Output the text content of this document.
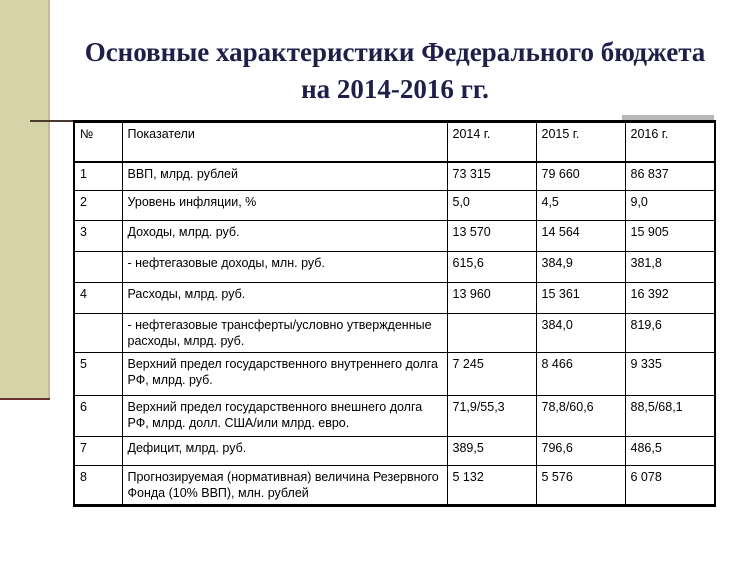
Основные характеристики Федерального бюджета на 2014-2016 гг.
№	Показатели	2014 г.	2015 г.	2016 г.
1	ВВП, млрд. рублей	73 315	79 660	86 837
2	Уровень инфляции, %	5,0	4,5	9,0
3	Доходы, млрд. руб.	13 570	14 564	15 905
	- нефтегазовые доходы, млн. руб.	615,6	384,9	381,8
4	Расходы, млрд. руб.	13 960	15 361	16 392
	- нефтегазовые трансферты/условно утвержденные расходы, млрд. руб.		384,0	819,6
5	Верхний предел государственного внутреннего долга РФ, млрд. руб.	7 245	8 466	9 335
6	Верхний предел государственного внешнего долга РФ, млрд. долл. США/или млрд. евро.	71,9/55,3	78,8/60,6	88,5/68,1
7	Дефицит, млрд. руб.	389,5	796,6	486,5
8	Прогнозируемая (нормативная) величина Резервного Фонда (10% ВВП), млн. рублей	5 132	5 576	6 078
